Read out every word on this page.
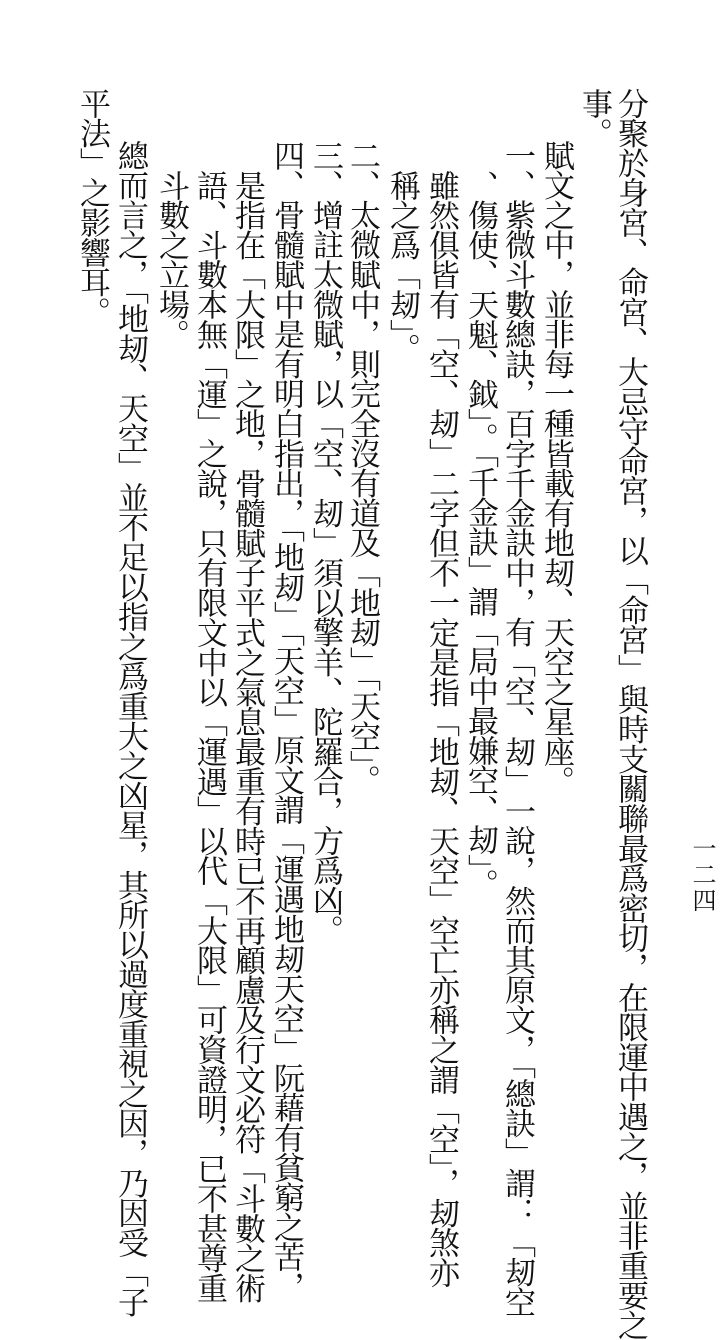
一二四
分聚於身宮、命宮、大忌守命宮，以「命宮」與時支關聯最爲密切，在限運中遇之，並非重要之
事。
賦文之中，並非每一種皆載有地刼、天空之星座。
一、紫微斗數總訣，百字千金訣中，有「空、刼」一說，然而其原文，「總訣」謂：「刼空
、傷使、天魁、鉞」。「千金訣」謂「局中最嫌空、刼」。
雖然俱皆有「空、刼」二字但不一定是指「地刼、天空」空亡亦稱之謂「空」，刼煞亦
稱之爲「刼」。
二、太微賦中，則完全沒有道及「地刼」「天空」。
三、增註太微賦，以「空、刼」須以擎羊、陀羅合，方爲凶。
四、骨髓賦中是有明白指出，「地刼」「天空」原文謂「運遇地刼天空」阮藉有貧窮之苦，
是指在「大限」之地，骨髓賦子平式之氣息最重有時已不再顧慮及行文必符「斗數之術
語、斗數本無「運」之說，只有限文中以「運遇」以代「大限」可資證明，已不甚尊重
斗數之立場。
總而言之，「地刼、天空」並不足以指之爲重大之凶星，其所以過度重視之因，乃因受「子
平法」之影響耳。
